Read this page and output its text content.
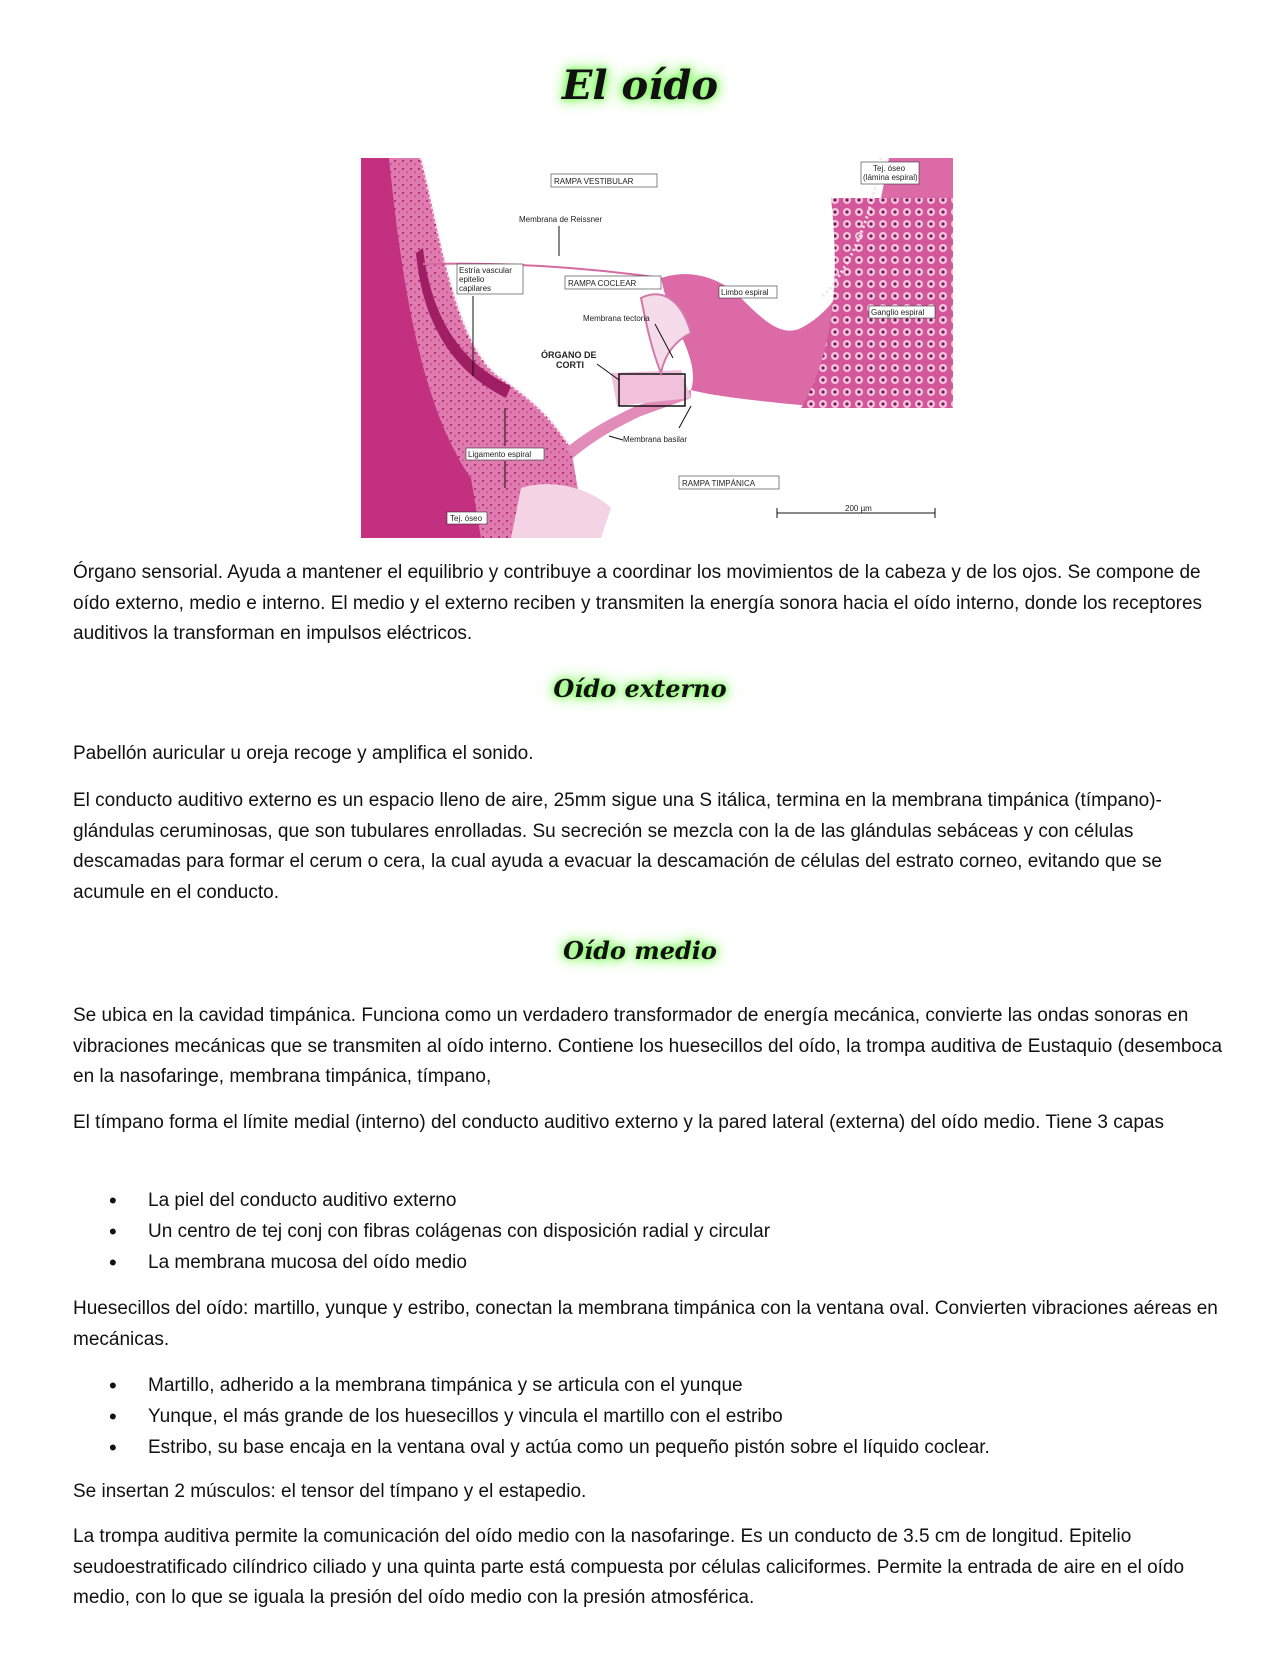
El oído
RAMPA VESTIBULAR
Membrana de Reissner
Estría vascular
epitelio
capilares
RAMPA COCLEAR
Membrana tectoria
ÓRGANO DE
CORTI
Limbo espiral
Ganglio espiral
Tej. óseo
(lámina espiral)
Ligamento espiral
Membrana basilar
RAMPA TIMPÁNICA
Tej. óseo
200 µm

Órgano sensorial. Ayuda a mantener el equilibrio y contribuye a coordinar los movimientos de la cabeza y de los ojos. Se compone de oído externo, medio e interno. El medio y el externo reciben y transmiten la energía sonora hacia el oído interno, donde los receptores auditivos la transforman en impulsos eléctricos.

Oído externo

Pabellón auricular u oreja recoge y amplifica el sonido.

El conducto auditivo externo es un espacio lleno de aire, 25mm sigue una S itálica, termina en la membrana timpánica (tímpano)- glándulas ceruminosas, que son tubulares enrolladas. Su secreción se mezcla con la de las glándulas sebáceas y con células descamadas para formar el cerum o cera, la cual ayuda a evacuar la descamación de células del estrato corneo, evitando que se acumule en el conducto.

Oído medio

Se ubica en la cavidad timpánica. Funciona como un verdadero transformador de energía mecánica, convierte las ondas sonoras en vibraciones mecánicas que se transmiten al oído interno. Contiene los huesecillos del oído, la trompa auditiva de Eustaquio (desemboca en la nasofaringe, membrana timpánica, tímpano,

El tímpano forma el límite medial (interno) del conducto auditivo externo y la pared lateral (externa) del oído medio. Tiene 3 capas

• La piel del conducto auditivo externo
• Un centro de tej conj con fibras colágenas con disposición radial y circular
• La membrana mucosa del oído medio

Huesecillos del oído: martillo, yunque y estribo, conectan la membrana timpánica con la ventana oval. Convierten vibraciones aéreas en mecánicas.

• Martillo, adherido a la membrana timpánica y se articula con el yunque
• Yunque, el más grande de los huesecillos y vincula el martillo con el estribo
• Estribo, su base encaja en la ventana oval y actúa como un pequeño pistón sobre el líquido coclear.

Se insertan 2 músculos: el tensor del tímpano y el estapedio.

La trompa auditiva permite la comunicación del oído medio con la nasofaringe. Es un conducto de 3.5 cm de longitud. Epitelio seudoestratificado cilíndrico ciliado y una quinta parte está compuesta por células caliciformes. Permite la entrada de aire en el oído medio, con lo que se iguala la presión del oído medio con la presión atmosférica.
